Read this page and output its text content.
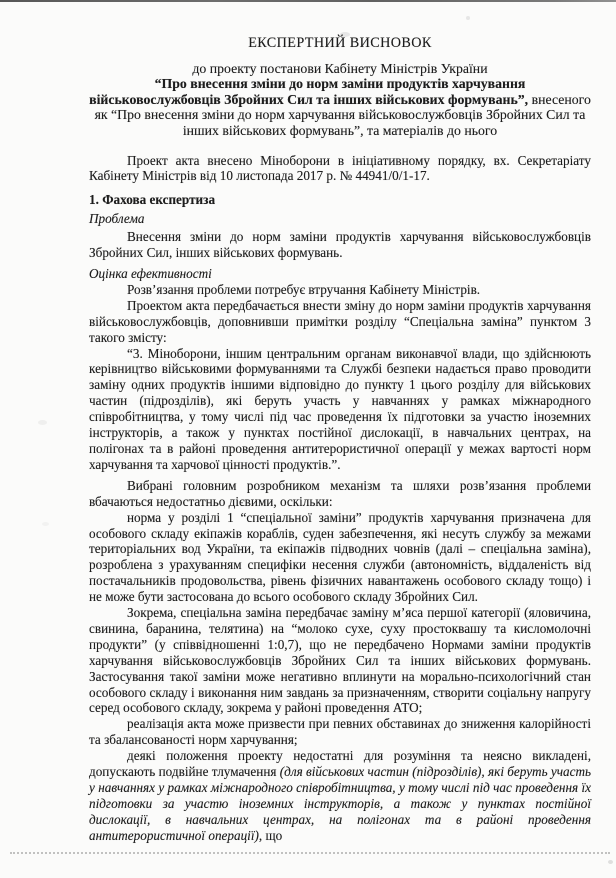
ЕКСПЕРТНИЙ ВИСНОВОК
до проекту постанови Кабінету Міністрів України
“Про внесення зміни до норм заміни продуктів харчування
військовослужбовців Збройних Сил та інших військових формувань”, внесеного
як “Про внесення зміни до норм харчування військовослужбовців Збройних Сил та
інших військових формувань”, та матеріалів до нього

Проект акта внесено Міноборони в ініціативному порядку, вх. Секретаріату Кабінету Міністрів від 10 листопада 2017 р. № 44941/0/1-17.

1. Фахова експертиза

Проблема

Внесення зміни до норм заміни продуктів харчування військовослужбовців Збройних Сил, інших військових формувань.

Оцінка ефективності

Розв’язання проблеми потребує втручання Кабінету Міністрів.

Проектом акта передбачається внести зміну до норм заміни продуктів харчування військовослужбовців, доповнивши примітки розділу “Спеціальна заміна” пунктом 3 такого змісту:

“3. Міноборони, іншим центральним органам виконавчої влади, що здійснюють керівництво військовими формуваннями та Службі безпеки надається право проводити заміну одних продуктів іншими відповідно до пункту 1 цього розділу для військових частин (підрозділів), які беруть участь у навчаннях у рамках міжнародного співробітництва, у тому числі під час проведення їх підготовки за участю іноземних інструкторів, а також у пунктах постійної дислокації, в навчальних центрах, на полігонах та в районі проведення антитерористичної операції у межах вартості норм харчування та харчової цінності продуктів.”.

Вибрані головним розробником механізм та шляхи розв’язання проблеми вбачаються недостатньо дієвими, оскільки:

норма у розділі 1 “спеціальної заміни” продуктів харчування призначена для особового складу екіпажів кораблів, суден забезпечення, які несуть службу за межами територіальних вод України, та екіпажів підводних човнів (далі – спеціальна заміна), розроблена з урахуванням специфіки несення служби (автономність, віддаленість від постачальників продовольства, рівень фізичних навантажень особового складу тощо) і не може бути застосована до всього особового складу Збройних Сил.

Зокрема, спеціальна заміна передбачає заміну м’яса першої категорії (яловичина, свинина, баранина, телятина) на “молоко сухе, суху простоквашу та кисломолочні продукти” (у співвідношенні 1:0,7), що не передбачено Нормами заміни продуктів харчування військовослужбовців Збройних Сил та інших військових формувань. Застосування такої заміни може негативно вплинути на морально-психологічний стан особового складу і виконання ним завдань за призначенням, створити соціальну напругу серед особового складу, зокрема у районі проведення АТО;

реалізація акта може призвести при певних обставинах до зниження калорійності та збалансованості норм харчування;

деякі положення проекту недостатні для розуміння та неясно викладені, допускають подвійне тлумачення (для військових частин (підрозділів), які беруть участь у навчаннях у рамках міжнародного співробітництва, у тому числі під час проведення їх підготовки за участю іноземних інструкторів, а також у пунктах постійної дислокації, в навчальних центрах, на полігонах та в районі проведення антитерористичної операції), що
